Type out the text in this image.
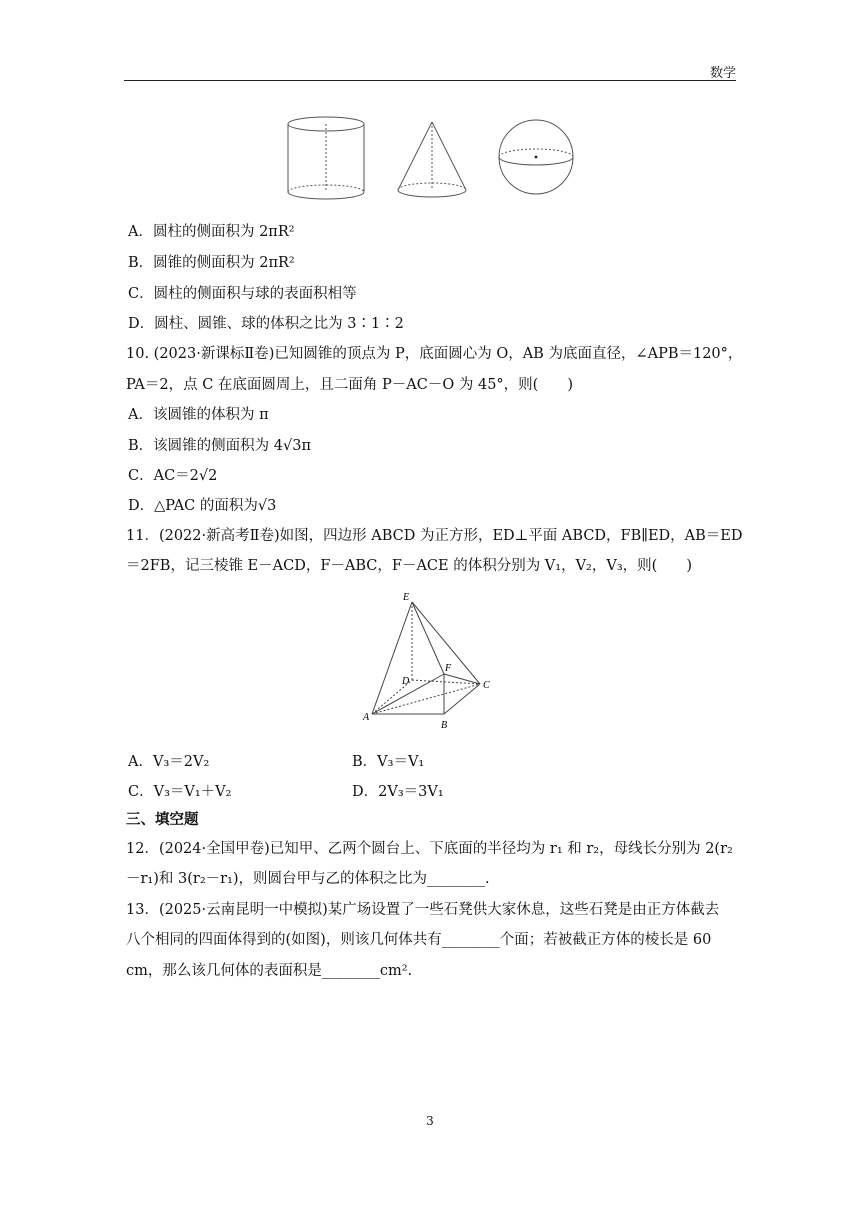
数学
A．圆柱的侧面积为 2πR²
B．圆锥的侧面积为 2πR²
C．圆柱的侧面积与球的表面积相等
D．圆柱、圆锥、球的体积之比为 3∶1∶2
10. (2023·新课标Ⅱ卷)已知圆锥的顶点为 P，底面圆心为 O，AB 为底面直径，∠APB＝120°，
PA＝2，点 C 在底面圆周上，且二面角 P－AC－O 为 45°，则(　　)
A．该圆锥的体积为 π
B．该圆锥的侧面积为 4√3π
C．AC＝2√2
D．△PAC 的面积为√3
11．(2022·新高考Ⅱ卷)如图，四边形 ABCD 为正方形，ED⊥平面 ABCD，FB∥ED，AB＝ED
＝2FB，记三棱锥 E－ACD，F－ABC，F－ACE 的体积分别为 V₁，V₂，V₃，则(　　)
E
F
D	C
A
B
A．V₃＝2V₂	B．V₃＝V₁
C．V₃＝V₁＋V₂	D．2V₃＝3V₁
三、填空题
12．(2024·全国甲卷)已知甲、乙两个圆台上、下底面的半径均为 r₁ 和 r₂，母线长分别为 2(r₂
－r₁)和 3(r₂－r₁)，则圆台甲与乙的体积之比为________.
13．(2025·云南昆明一中模拟)某广场设置了一些石凳供大家休息，这些石凳是由正方体截去
八个相同的四面体得到的(如图)，则该几何体共有________个面；若被截正方体的棱长是 60
cm，那么该几何体的表面积是________cm².
3
